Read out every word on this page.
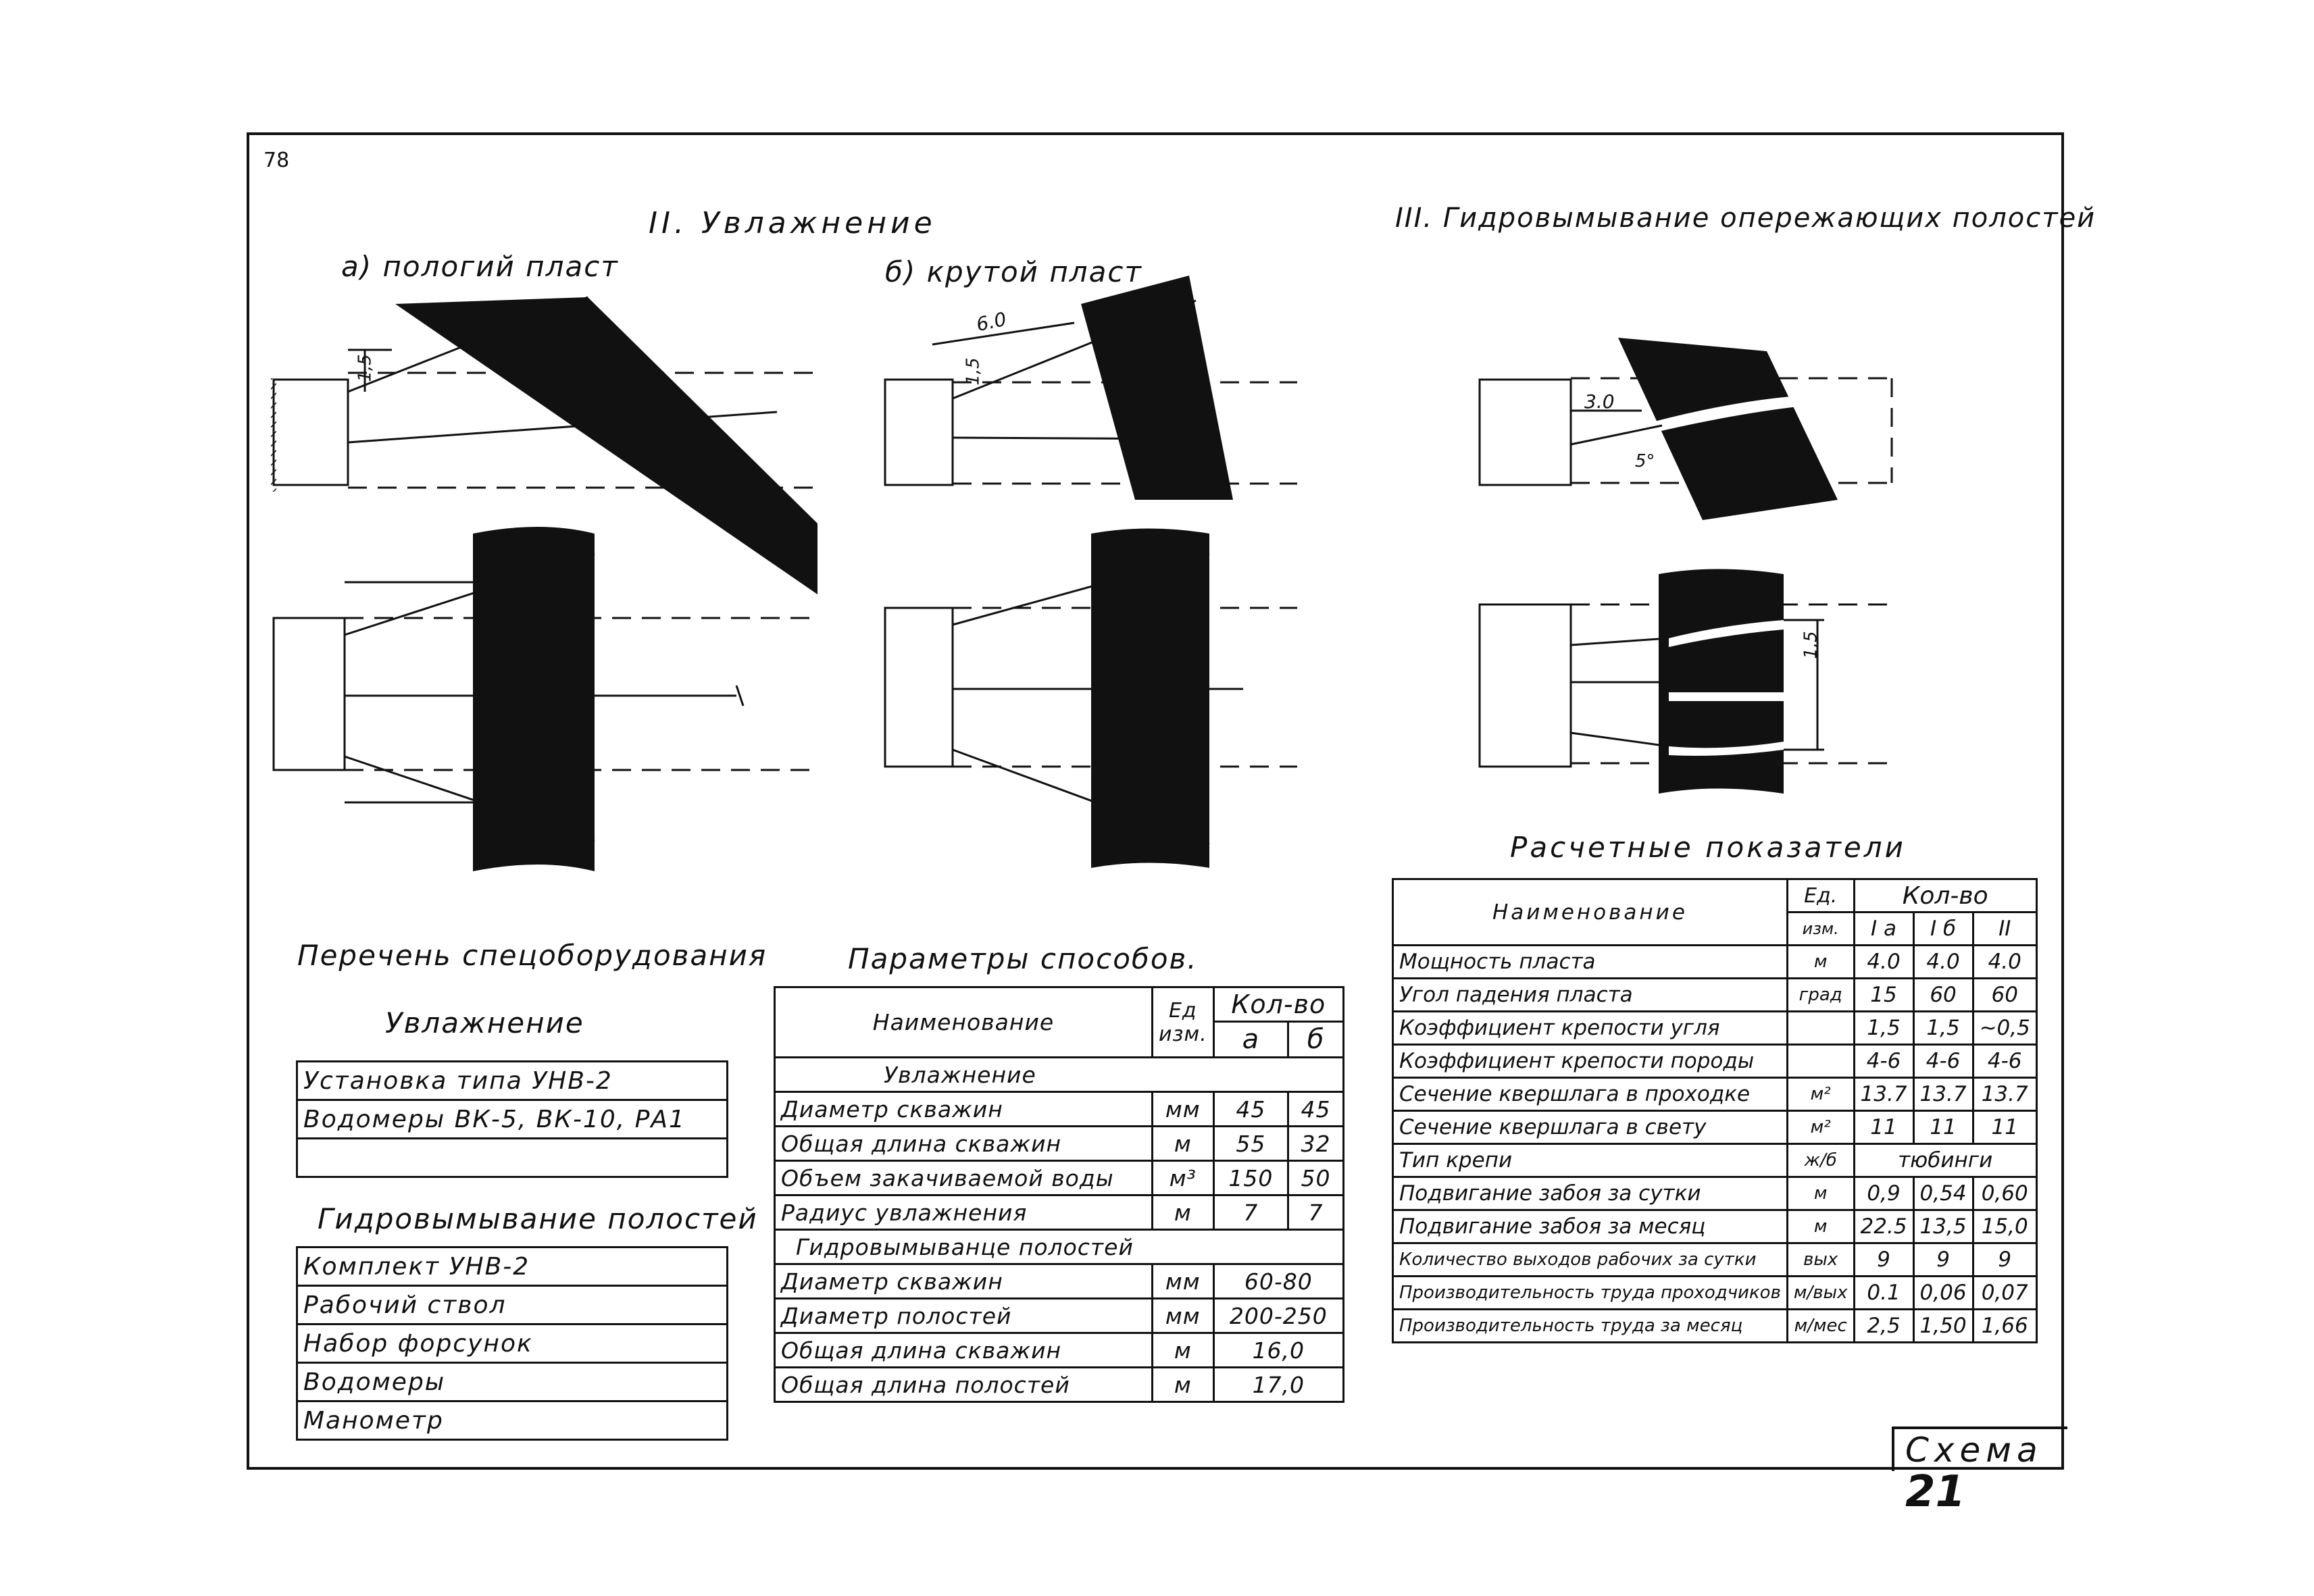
78
II. Увлажнение
а) пологий пласт	б) крутой пласт
III. Гидровымывание опережающих полостей
1,5
6.0
1,5
3.0
5°
1,5
Перечень спецоборудования
Увлажнение
Установка типа УНВ-2
Водомеры ВК-5, ВК-10, РА1

Гидровымывание полостей
Комплект УНВ-2
Рабочий ствол
Набор форсунок
Водомеры
Манометр
Параметры способов.
Наименование	Ед изм.	Кол-во	
		а	б
Увлажнение			
Диаметр скважин	мм	45	45
Общая длина скважин	м	55	32
Объем закачиваемой воды	м³	150	50
Радиус увлажнения	м	7	7
Гидровымыванце полостей			
Диаметр скважин	мм	60-80	
Диаметр полостей	мм	200-250	
Общая длина скважин	м	16,0	
Общая длина полостей	м	17,0	
Расчетные показатели
Наименование	Ед.	Кол-во		
	изм.	I а	I б	II
Мощность пласта	м	4.0	4.0	4.0
Угол падения пласта	град	15	60	60
Коэффициент крепости угля		1,5	1,5	~0,5
Коэффициент крепости породы		4-6	4-6	4-6
Сечение квершлага в проходке	м²	13.7	13.7	13.7
Сечение квершлага в свету	м²	11	11	11
Тип крепи	ж/б	тюбинги		
Подвигание забоя за сутки	м	0,9	0,54	0,60
Подвигание забоя за месяц	м	22.5	13,5	15,0
Количество выходов рабочих за сутки	вых	9	9	9
Производительность труда проходчиков	м/вых	0.1	0,06	0,07
Производительность труда за месяц	м/мес	2,5	1,50	1,66
Схема 21
